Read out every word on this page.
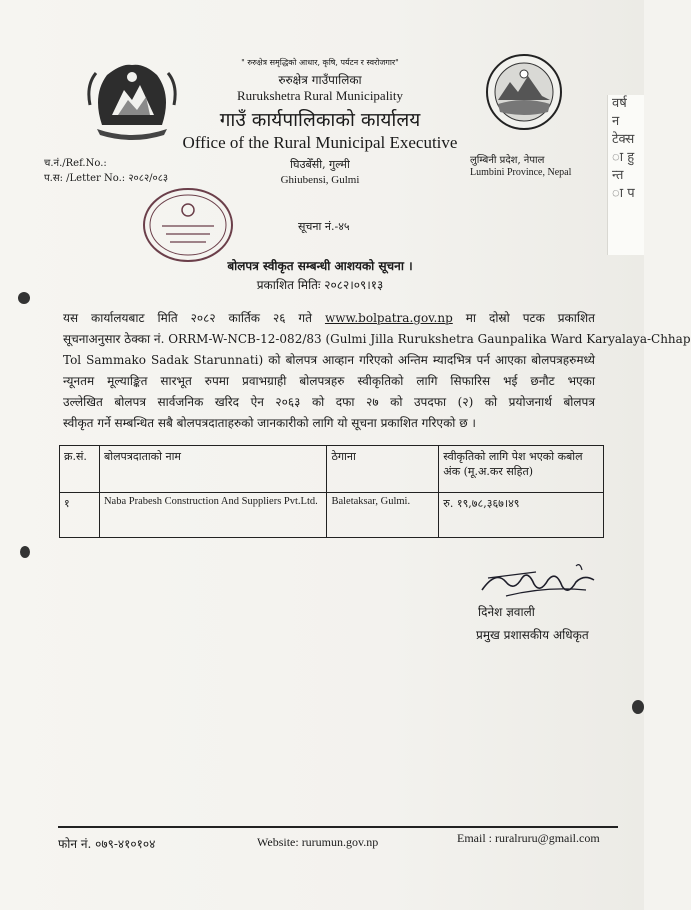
वर्ष
न
टेक्स
ा हु
न्त
ा प
" रुरुक्षेत्र समृद्धिको आधार, कृषि, पर्यटन र स्वरोजगार"
रुरुक्षेत्र गाउँपालिका
Rurukshetra Rural Municipality
गाउँ कार्यपालिकाको कार्यालय
Office of the Rural Municipal Executive
घिउबेँसी, गुल्मी
Ghiubensi, Gulmi
च.नं./Ref.No.:
प.स: /Letter No.: २०८२/०८३
लुम्बिनी प्रदेश, नेपाल
Lumbini Province, Nepal
सूचना नं.-४५
बोलपत्र स्वीकृत सम्बन्धी आशयको सूचना ।
प्रकाशित मितिः २०८२।०९।१३
यस कार्यालयबाट मिति २०८२ कार्तिक २६ गते www.bolpatra.gov.np मा दोस्रो पटक प्रकाशित
सूचनाअनुसार ठेक्का नं. ORRM-W-NCB-12-082/83 (Gulmi Jilla Rurukshetra Gaunpalika Ward Karyalaya-Chhap
Tol Sammako Sadak Starunnati) को बोलपत्र आव्हान गरिएको अन्तिम म्यादभित्र पर्न आएका बोलपत्रहरुमध्ये
न्यूनतम मूल्याङ्कित सारभूत रुपमा प्रवाभग्राही बोलपत्रहरु स्वीकृतिको लागि सिफारिस भई छनौट भएका
उल्लेखित बोलपत्र सार्वजनिक खरिद ऐन २०६३ को दफा २७ को उपदफा (२) को प्रयोजनार्थ बोलपत्र
स्वीकृत गर्ने सम्बन्धित सबै बोलपत्रदाताहरुको जानकारीको लागि यो सूचना प्रकाशित गरिएको छ ।
क्र.सं.	बोलपत्रदाताको नाम	ठेगाना	स्वीकृतिको लागि पेश भएको कबोल अंक (मू.अ.कर सहित)
१	Naba Prabesh Construction And Suppliers Pvt.Ltd.	Baletaksar, Gulmi.	रु. १९,७८,३६७।४९
दिनेश ज्ञवाली
प्रमुख प्रशासकीय अधिकृत
फोन नं. ०७९-४१०१०४	Website: rurumun.gov.np	Email : ruralruru@gmail.com
